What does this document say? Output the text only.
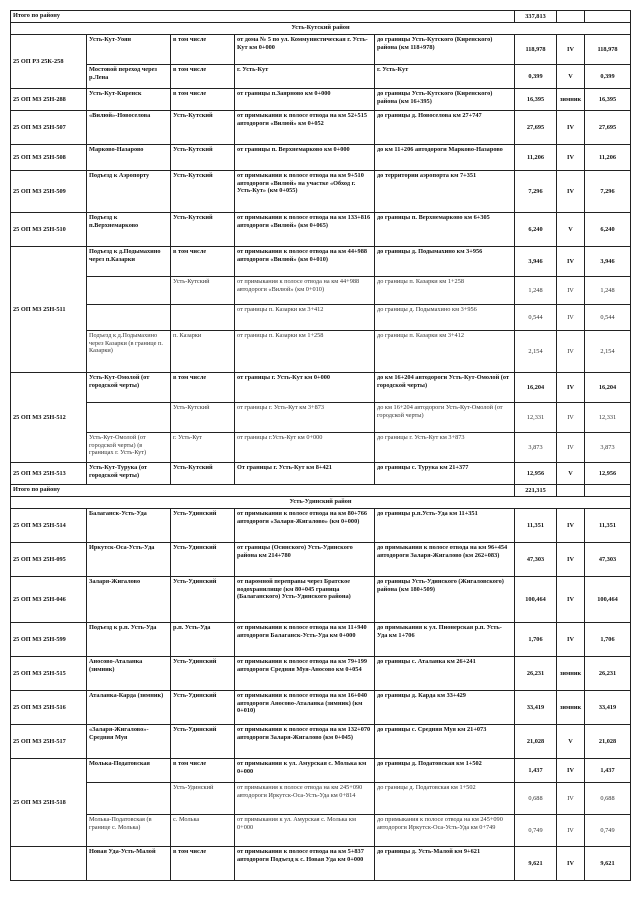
Итого по району					337,813		
Усть-Кутский район							
25 ОП РЗ 25К-258	Усть-Кут-Уоян	в том числе	от дома № 5 по ул. Коммунистическая г. Усть-Кут км 0+000	до границы Усть-Кутского (Киренского) района (км 118+978)	118,978	IV	118,978
	Мостовой переход через р.Лена	в том числе	г. Усть-Кут	г. Усть-Кут	0,399	V	0,399
25 ОП МЗ 25Н-288	Усть-Кут-Киренск	в том числе	от границы п.Заярново км 0+000	до границы Усть-Кутского (Киренского) района (км 16+395)	16,395	зимник	16,395
25 ОП МЗ 25Н-507	«Вилюй»-Новоселова	Усть-Кутский	от примыкания к полосе отвода на км 52+515 автодороги «Вилюй» км 0+052	до границы д. Новоселова км 27+747	27,695	IV	27,695
25 ОП МЗ 25Н-508	Марково-Назарово	Усть-Кутский	от границы п. Верхнемарково км 0+000	до км 11+206 автодороги Марково-Назарово	11,206	IV	11,206
25 ОП МЗ 25Н-509	Подъезд к Аэропорту	Усть-Кутский	от примыкания к полосе отвода на км 9+510 автодороги «Вилюй» на участке «Обход г. Усть-Кут» (км 0+055)	до территории аэропорта км 7+351	7,296	IV	7,296
25 ОП МЗ 25Н-510	Подъезд к п.Верхнемарково	Усть-Кутский	от примыкания к полосе отвода на км 133+816 автодороги «Вилюй» (км 0+065)	до границы п. Верхнемарково км 6+305	6,240	V	6,240
25 ОП МЗ 25Н-511	Подъезд к д.Подымахино через п.Казарки	в том числе	от примыкания к полосе отвода на км 44+988 автодороги «Вилюй» (км 0+010)	до границы д. Подымахино км 3+956	3,946	IV	3,946
		Усть-Кутский	от примыкания к полосе отвода на км 44+988 автодороги «Вилюй» (км 0+010)	до границы п. Казарки км 1+258	1,248	IV	1,248
			от границы п. Казарки км 3+412	до границы д. Подымахино км 3+956	0,544	IV	0,544
	Подъезд к д.Подымахино через Казарки (в границе п. Казарки)	п. Казарки	от границы п. Казарки км 1+258	до границы п. Казарки км 3+412	2,154	IV	2,154
25 ОП МЗ 25Н-512	Усть-Кут-Омолой (от городской черты)	в том числе	от границы г. Усть-Кут км 0+000	до км 16+204 автодороги Усть-Кут-Омолой (от городской черты)	16,204	IV	16,204
		Усть-Кутский	от границы г. Усть-Кут км 3+873	до км 16+204 автодороги Усть-Кут-Омолой (от городской черты)	12,331	IV	12,331
	Усть-Кут-Омолой (от городской черты) (в границах г. Усть-Кут)	г. Усть-Кут	от границы г.Усть-Кут км 0+000	до границы г. Усть-Кут км 3+873	3,873	IV	3,873
25 ОП МЗ 25Н-513	Усть-Кут-Турука (от городской черты)	Усть-Кутский	От границы г. Усть-Кут км 8+421	до границы с. Турука км 21+377	12,956	V	12,956
Итого по району					221,315		
Усть-Удинский район							
25 ОП МЗ 25Н-514	Балаганск-Усть-Уда	Усть-Удинский	от примыкания к полосе отвода на км 80+766 автодороги «Заларя-Жигалово» (км 0+000)	до границы р.п.Усть-Уда км 11+351	11,351	IV	11,351
25 ОП МЗ 25Н-095	Иркутск-Оса-Усть-Уда	Усть-Удинский	от границы (Осинского) Усть-Удинского района км 214+780	до примыкания к полосе отвода на км 96+454 автодороги Заларя-Жигалово (км 262+083)	47,303	IV	47,303
25 ОП МЗ 25Н-046	Заларя-Жигалово	Усть-Удинский	от паромной переправы через Братское водохранилище (км 80+045 граница (Балаганского) Усть-Удинского района)	до границы Усть-Удинского (Жигаловского) района (км 180+509)	100,464	IV	100,464
25 ОП МЗ 25Н-599	Подъезд к р.п. Усть-Уда	р.п. Усть-Уда	от примыкания к полосе отвода на км 11+940 автодороги Балаганск-Усть-Уда км 0+000	до примыкания к ул. Пионерская р.п. Усть-Уда км 1+706	1,706	IV	1,706
25 ОП МЗ 25Н-515	Аносово-Аталанка (зимник)	Усть-Удинский	от примыкания к полосе отвода на км 79+199 автодороги Средняя Муя-Аносово км 0+054	до границы с. Аталанка км 26+241	26,231	зимник	26,231
25 ОП МЗ 25Н-516	Аталанка-Карда (зимник)	Усть-Удинский	от примыкания к полосе отвода на км 16+040 автодороги Аносово-Аталанка (зимник) (км 0+010)	до границы д. Карда км 33+429	33,419	зимник	33,419
25 ОП МЗ 25Н-517	«Заларя-Жигалово»-Средняя Муя	Усть-Удинский	от примыкания к полосе отвода на км 132+070 автодороги Заларя-Жигалово (км 0+045)	до границы с. Средняя Муя км 21+073	21,028	V	21,028
25 ОП МЗ 25Н-518	Молька-Податовская	в том числе	от примыкания к ул. Амурская с. Молька км 0+000	до границы д. Податовская км 1+502	1,437	IV	1,437
		Усть-Удинский	от примыкания к полосе отвода на км 245+090 автодороги Иркутск-Оса-Усть-Уда км 0+814	до границы д. Податовская км 1+502	0,688	IV	0,688
	Молька-Податовская (в границе с. Молька)	с. Молька	от примыкания к ул. Амурская с. Молька км 0+000	до примыкания к полосе отвода на км 245+090 автодороги Иркутск-Оса-Усть-Уда км 0+749	0,749	IV	0,749
	Новая Уда-Усть-Малой	в том числе	от примыкания к полосе отвода на км 5+837 автодороги Подъезд к с. Новая Уда км 0+000	до границы д. Усть-Малой км 9+621	9,621	IV	9,621
